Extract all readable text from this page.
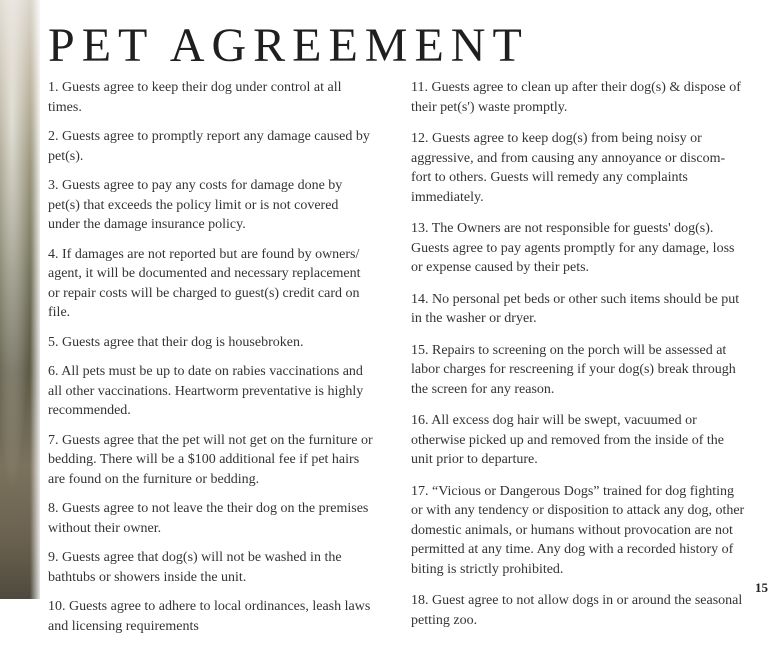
PET AGREEMENT

1. Guests agree to keep their dog under control at all times.

2. Guests agree to promptly report any damage caused by pet(s).

3. Guests agree to pay any costs for damage done by pet(s) that exceeds the policy limit or is not covered under the damage insurance policy.

4. If damages are not reported but are found by owners/ agent, it will be documented and necessary replacement or repair costs will be charged to guest(s) credit card on file.

5. Guests agree that their dog is housebroken.

6. All pets must be up to date on rabies vaccinations and all other vaccinations. Heartworm preventative is highly recommended.

7. Guests agree that the pet will not get on the furniture or bedding. There will be a $100 additional fee if pet hairs are found on the furniture or bedding.

8. Guests agree to not leave the their dog on the premises without their owner.

9. Guests agree that dog(s) will not be washed in the bathtubs or showers inside the unit.

10. Guests agree to adhere to local ordinances, leash laws and licensing requirements

11. Guests agree to clean up after their dog(s) & dispose of their pet(s') waste promptly.

12. Guests agree to keep dog(s) from being noisy or aggressive, and from causing any annoyance or discom- fort to others. Guests will remedy any complaints immediately.

13. The Owners are not responsible for guests' dog(s). Guests agree to pay agents promptly for any damage, loss or expense caused by their pets.

14. No personal pet beds or other such items should be put in the washer or dryer.

15. Repairs to screening on the porch will be assessed at labor charges for rescreening if your dog(s) break through the screen for any reason.

16. All excess dog hair will be swept, vacuumed or otherwise picked up and removed from the inside of the unit prior to departure.

17. “Vicious or Dangerous Dogs” trained for dog fighting or with any tendency or disposition to attack any dog, other domestic animals, or humans without provocation are not permitted at any time. Any dog with a recorded history of biting is strictly prohibited.

18. Guest agree to not allow dogs in or around the seasonal petting zoo.

15
